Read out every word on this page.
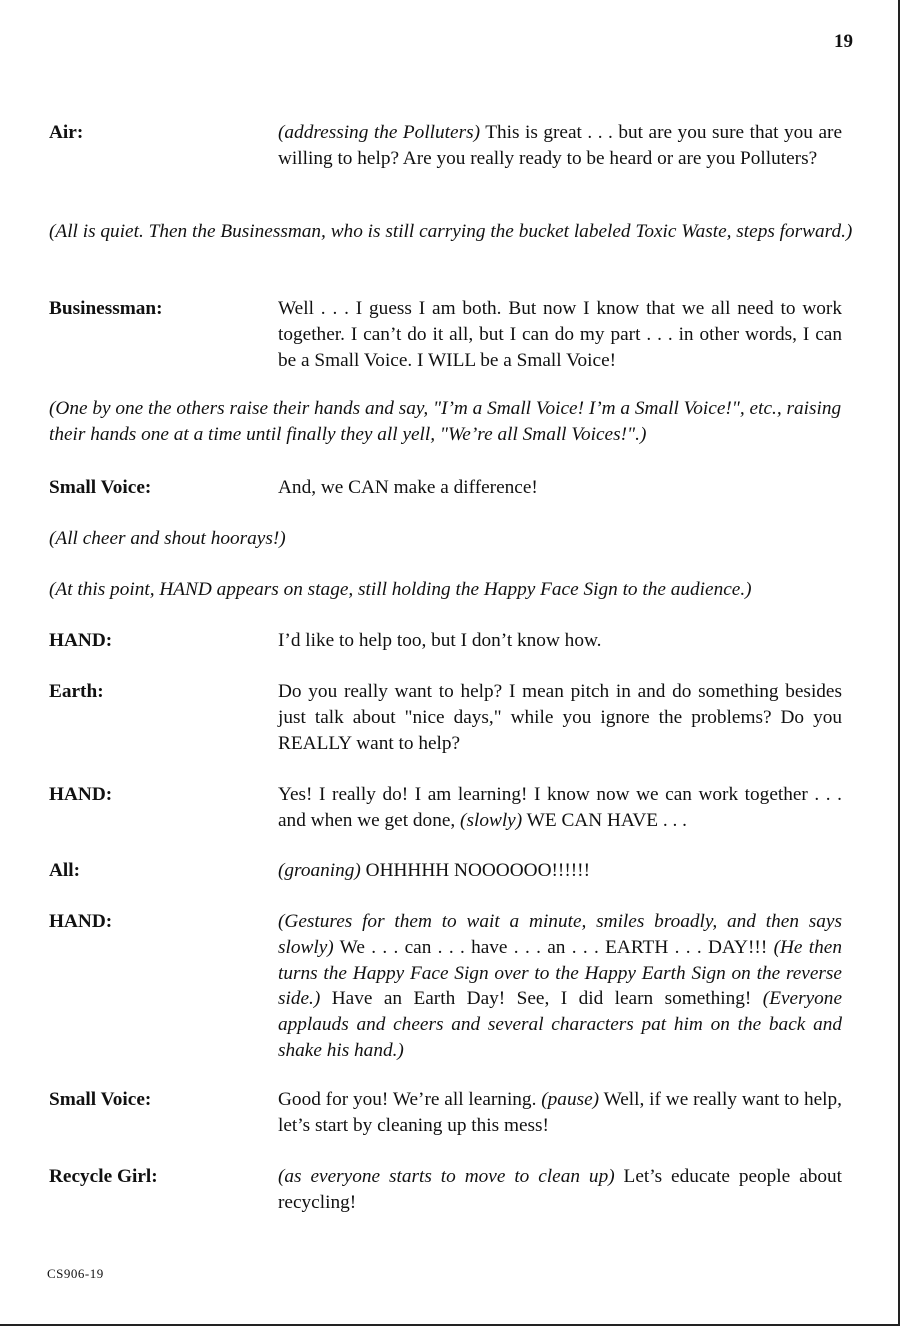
19
Air:	(addressing the Polluters) This is great . . . but are you sure that you are willing to help? Are you really ready to be heard or are you Polluters?

(All is quiet. Then the Businessman, who is still carrying the bucket labeled Toxic Waste, steps forward.)

Businessman:	Well . . . I guess I am both. But now I know that we all need to work together. I can’t do it all, but I can do my part . . . in other words, I can be a Small Voice. I WILL be a Small Voice!

(One by one the others raise their hands and say, "I’m a Small Voice! I’m a Small Voice!", etc., raising their hands one at a time until finally they all yell, "We’re all Small Voices!".)

Small Voice:	And, we CAN make a difference!

(All cheer and shout hoorays!)

(At this point, HAND appears on stage, still holding the Happy Face Sign to the audience.)

HAND:	I’d like to help too, but I don’t know how.
Earth:	Do you really want to help? I mean pitch in and do something besides just talk about "nice days," while you ignore the problems? Do you REALLY want to help?
HAND:	Yes! I really do! I am learning! I know now we can work together . . . and when we get done, (slowly) WE CAN HAVE . . .
All:	(groaning) OHHHHH NOOOOOO!!!!!!
HAND:	(Gestures for them to wait a minute, smiles broadly, and then says slowly) We . . . can . . . have . . . an . . . EARTH . . . DAY!!! (He then turns the Happy Face Sign over to the Happy Earth Sign on the reverse side.) Have an Earth Day! See, I did learn something! (Everyone applauds and cheers and several characters pat him on the back and shake his hand.)
Small Voice:	Good for you! We’re all learning. (pause) Well, if we really want to help, let’s start by cleaning up this mess!
Recycle Girl:	(as everyone starts to move to clean up) Let’s educate people about recycling!
CS906-19
